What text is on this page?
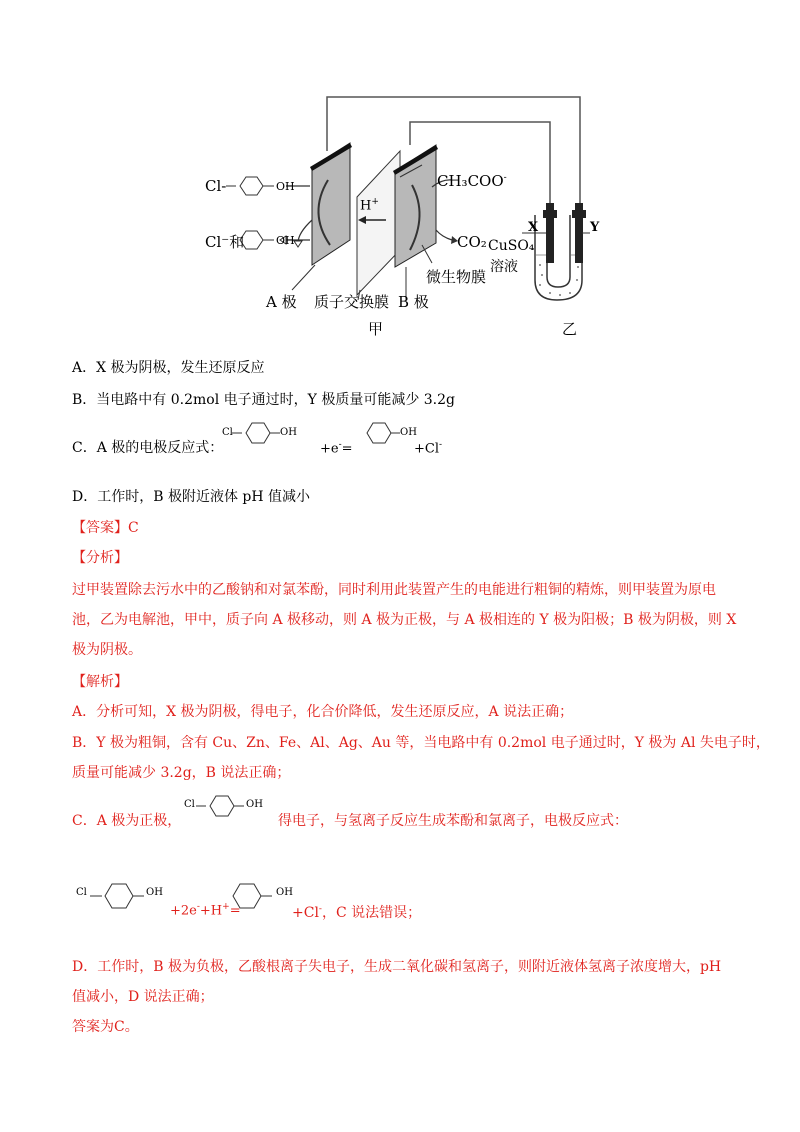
Cl-	OH
Cl⁻和	OH
H+
CH₃COO-
CO₂
X	Y
CuSO₄
溶液
微生物膜
A 极 质子交换膜 B 极
甲	乙
A．X 极为阴极，发生还原反应
B．当电路中有 0.2mol 电子通过时，Y 极质量可能减少 3.2g
C．A 极的电极反应式：
Cl	OH
+e-=
OH
+Cl-
D．工作时，B 极附近液体 pH 值减小
【答案】C
【分析】
过甲装置除去污水中的乙酸钠和对氯苯酚，同时利用此装置产生的电能进行粗铜的精炼，则甲装置为原电
池，乙为电解池，甲中，质子向 A 极移动，则 A 极为正极，与 A 极相连的 Y 极为阳极；B 极为阴极，则 X
极为阴极。
【解析】
A．分析可知，X 极为阴极，得电子，化合价降低，发生还原反应，A 说法正确；
B．Y 极为粗铜，含有 Cu、Zn、Fe、Al、Ag、Au 等，当电路中有 0.2mol 电子通过时，Y 极为 Al 失电子时，
质量可能减少 3.2g，B 说法正确；
C．A 极为正极，
Cl	OH
得电子，与氢离子反应生成苯酚和氯离子，电极反应式：
Cl	OH
+2e-+H+=
OH
+Cl-，C 说法错误；
D．工作时，B 极为负极，乙酸根离子失电子，生成二氧化碳和氢离子，则附近液体氢离子浓度增大，pH
值减小，D 说法正确；
答案为C。
